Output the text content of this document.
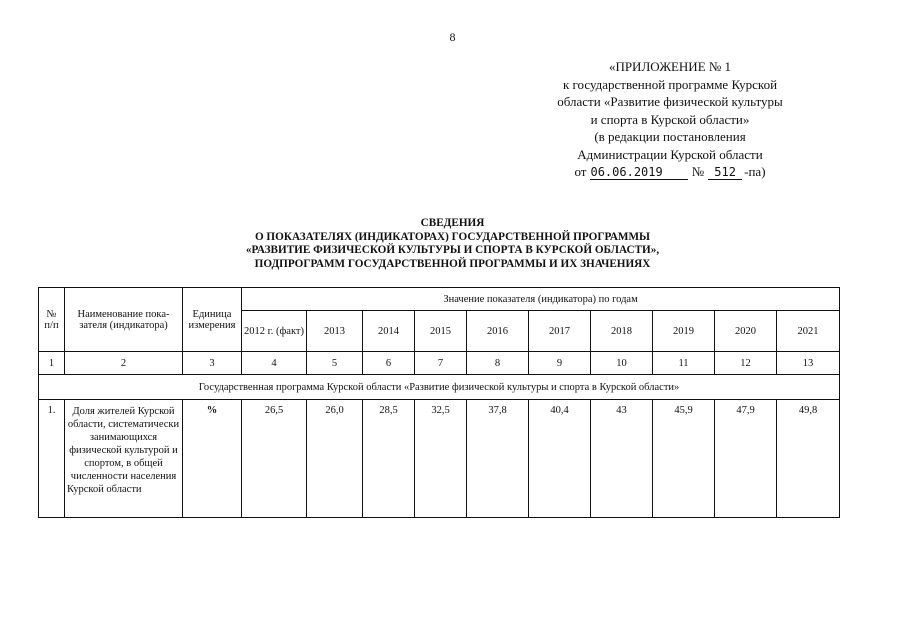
8
«ПРИЛОЖЕНИЕ № 1
к государственной программе Курской
области «Развитие физической культуры
и спорта в Курской области»
(в редакции постановления
Администрации Курской области
от 06.06.2019 № 512 -па)
СВЕДЕНИЯ
О ПОКАЗАТЕЛЯХ (ИНДИКАТОРАХ) ГОСУДАРСТВЕННОЙ ПРОГРАММЫ
«РАЗВИТИЕ ФИЗИЧЕСКОЙ КУЛЬТУРЫ И СПОРТА В КУРСКОЙ ОБЛАСТИ»,
ПОДПРОГРАММ ГОСУДАРСТВЕННОЙ ПРОГРАММЫ И ИХ ЗНАЧЕНИЯХ
№ п/п	Наименование пока- зателя (индикатора)	Единица измерения	Значение показателя (индикатора) по годам									
			2012 г. (факт)	2013	2014	2015	2016	2017	2018	2019	2020	2021
1	2	3	4	5	6	7	8	9	10	11	12	13
Государственная программа Курской области «Развитие физической культуры и спорта в Курской области»												
1.	Доля жителей Курской области, систематически занимающихся физической культурой и спортом, в общей численности населения Курской области	%	26,5	26,0	28,5	32,5	37,8	40,4	43	45,9	47,9	49,8
